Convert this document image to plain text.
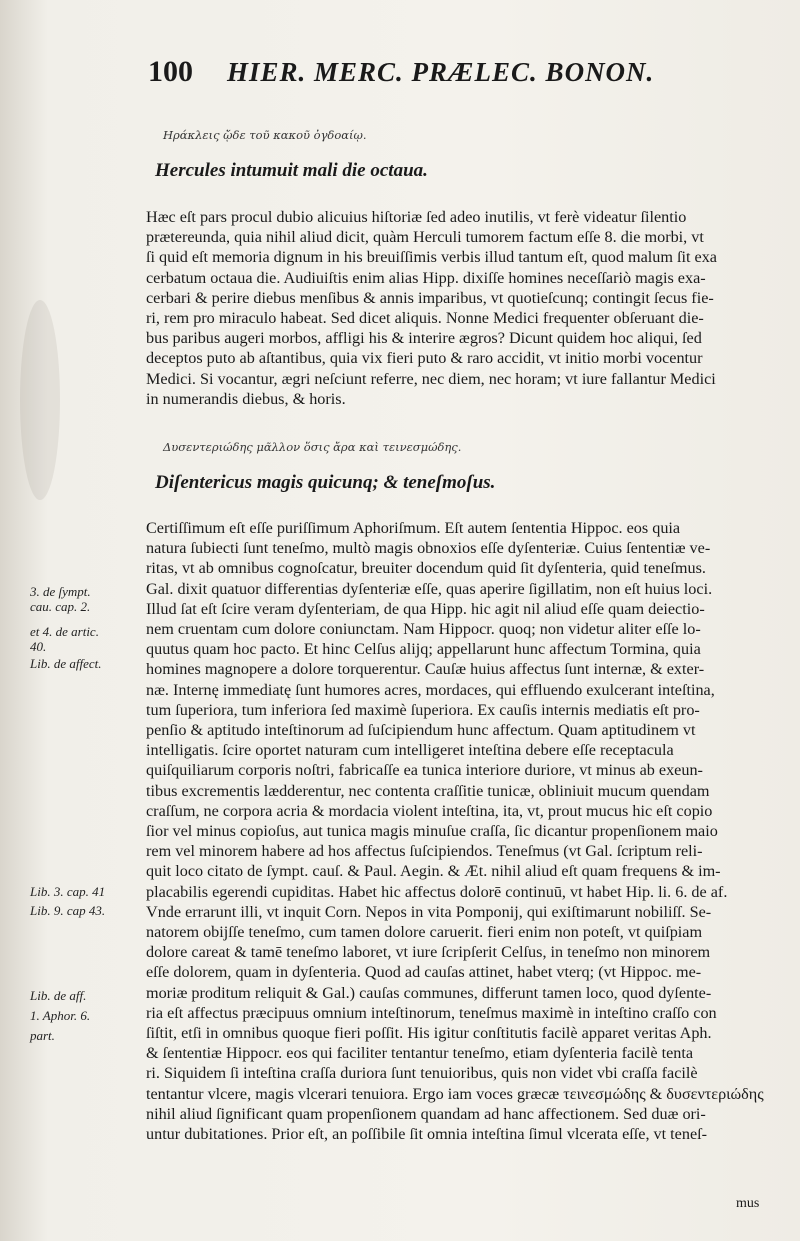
100 HIER. MERC. PRÆLEC. BONON.
Ηράκλεις ᾤδε τοῦ κακοῦ ὀγδοαίῳ.
Hercules intumuit mali die octaua.
Hæc eſt pars procul dubio alicuius hiſtoriæ ſed adeo inutilis, vt ferè videatur ſilentio
prætereunda, quia nihil aliud dicit, quàm Herculi tumorem factum eſſe 8. die morbi, vt
ſi quid eſt memoria dignum in his breuiſſimis verbis illud tantum eſt, quod malum ſit exa
cerbatum octaua die. Audiuiſtis enim alias Hipp. dixiſſe homines neceſſariò magis exa-
cerbari & perire diebus menſibus & annis imparibus, vt quotieſcunq; contingit ſecus fie-
ri, rem pro miraculo habeat. Sed dicet aliquis. Nonne Medici frequenter obſeruant die-
bus paribus augeri morbos, affligi his & interire ægros? Dicunt quidem hoc aliqui, ſed
deceptos puto ab aſtantibus, quia vix fieri puto & raro accidit, vt initio morbi vocentur
Medici. Si vocantur, ægri neſciunt referre, nec diem, nec horam; vt iure fallantur Medici
in numerandis diebus, & horis.
Δυσεντεριώδης μᾶλλον ὅσις ἄρα καὶ τεινεσμώδης.
Diſentericus magis quicunq; & teneſmoſus.
Certiſſimum eſt eſſe puriſſimum Aphoriſmum. Eſt autem ſententia Hippoc. eos quia
natura ſubiecti ſunt teneſmo, multò magis obnoxios eſſe dyſenteriæ. Cuius ſententiæ ve-
ritas, vt ab omnibus cognoſcatur, breuiter docendum quid ſit dyſenteria, quid teneſmus.
Gal. dixit quatuor differentias dyſenteriæ eſſe, quas aperire ſigillatim, non eſt huius loci.
Illud ſat eſt ſcire veram dyſenteriam, de qua Hipp. hic agit nil aliud eſſe quam deiectio-
nem cruentam cum dolore coniunctam. Nam Hippocr. quoq; non videtur aliter eſſe lo-
quutus quam hoc pacto. Et hinc Celſus alijq; appellarunt hunc affectum Tormina, quia
homines magnopere a dolore torquerentur. Cauſæ huius affectus ſunt internæ, & exter-
næ. Internę immediatę ſunt humores acres, mordaces, qui effluendo exulcerant inteſtina,
tum ſuperiora, tum inferiora ſed maximè ſuperiora. Ex cauſis internis mediatis eſt pro-
penſio & aptitudo inteſtinorum ad ſuſcipiendum hunc affectum. Quam aptitudinem vt
intelligatis. ſcire oportet naturam cum intelligeret inteſtina debere eſſe receptacula
quiſquiliarum corporis noſtri, fabricaſſe ea tunica interiore duriore, vt minus ab exeun-
tibus excrementis lædderentur, nec contenta craſſitie tunicæ, obliniuit mucum quendam
craſſum, ne corpora acria & mordacia violent inteſtina, ita, vt, prout mucus hic eſt copio
ſior vel minus copioſus, aut tunica magis minuſue craſſa, ſic dicantur propenſionem maio
rem vel minorem habere ad hos affectus ſuſcipiendos. Teneſmus (vt Gal. ſcriptum reli-
quit loco citato de ſympt. cauſ. & Paul. Aegin. & Æt. nihil aliud eſt quam frequens & im-
placabilis egerendi cupiditas. Habet hic affectus dolorē continuū, vt habet Hip. li. 6. de af.
Vnde errarunt illi, vt inquit Corn. Nepos in vita Pomponij, qui exiſtimarunt nobiliſſ. Se-
natorem obijſſe teneſmo, cum tamen dolore caruerit. fieri enim non poteſt, vt quiſpiam
dolore careat & tamē teneſmo laboret, vt iure ſcripſerit Celſus, in teneſmo non minorem
eſſe dolorem, quam in dyſenteria. Quod ad cauſas attinet, habet vterq; (vt Hippoc. me-
moriæ proditum reliquit & Gal.) cauſas communes, differunt tamen loco, quod dyſente-
ria eſt affectus præcipuus omnium inteſtinorum, teneſmus maximè in inteſtino craſſo con
ſiſtit, etſi in omnibus quoque fieri poſſit. His igitur conſtitutis facilè apparet veritas Aph.
& ſententiæ Hippocr. eos qui faciliter tentantur teneſmo, etiam dyſenteria facilè tenta
ri. Siquidem ſi inteſtina craſſa duriora ſunt tenuioribus, quis non videt vbi craſſa facilè
tentantur vlcere, magis vlcerari tenuiora. Ergo iam voces græcæ τεινεσμώδης & δυσεντεριώδης
nihil aliud ſignificant quam propenſionem quandam ad hanc affectionem. Sed duæ ori-
untur dubitationes. Prior eſt, an poſſibile ſit omnia inteſtina ſimul vlcerata eſſe, vt teneſ-
3. de ſympt.
cau. cap. 2.
et 4. de artic.
40.
Lib. de affect.
Lib. 3. cap. 41
Lib. 9. cap 43.
Lib. de aff.
1. Aphor. 6.
part.
mus
